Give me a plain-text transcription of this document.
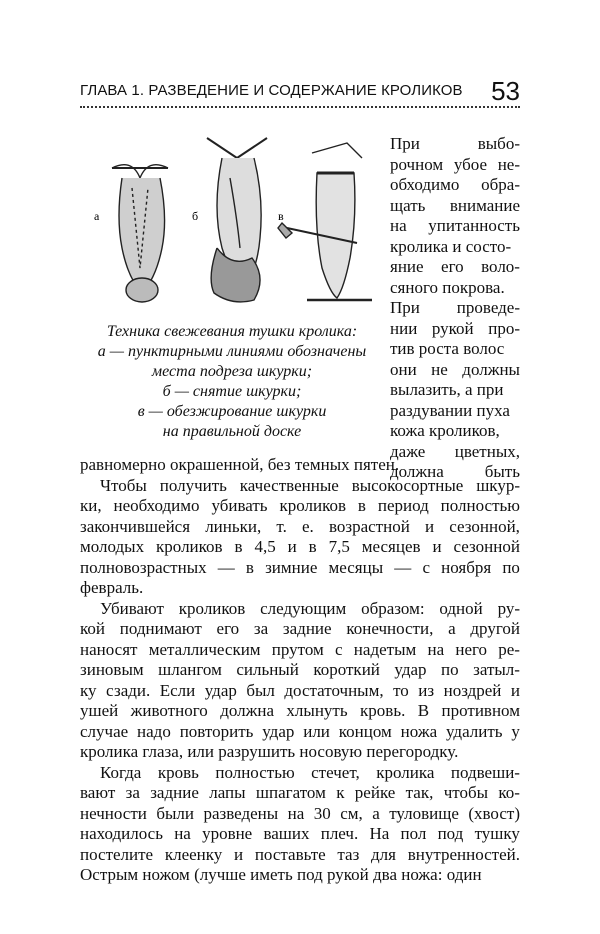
ГЛАВА 1. РАЗВЕДЕНИЕ И СОДЕРЖАНИЕ КРОЛИКОВ 53
а	б	в
Техника свежевания тушки кролика:
а — пунктирными линиями обозначены
места подреза шкурки;
б — снятие шкурки;
в — обезжирование шкурки
на правильной доске
При	выбо-
рочном убое не-
обходимо обра-
щать внимание
на упитанность
кролика и состо-
яние его воло-
сяного покрова.
При проведе-
нии рукой про-
тив роста волос
они не должны
вылазить, а при
раздувании пуха
кожа кроликов,
даже цветных,
должна быть
равномерно окрашенной, без темных пятен.
Чтобы получить качественные высокосортные шкур-
ки, необходимо убивать кроликов в период полностью
закончившейся линьки, т. е. возрастной и сезонной,
молодых кроликов в 4,5 и в 7,5 месяцев и сезонной
полновозрастных — в зимние месяцы — с ноября по
февраль.
Убивают кроликов следующим образом: одной ру-
кой поднимают его за задние конечности, а другой
наносят металлическим прутом с надетым на него ре-
зиновым шлангом сильный короткий удар по затыл-
ку сзади. Если удар был достаточным, то из ноздрей и
ушей животного должна хлынуть кровь. В противном
случае надо повторить удар или концом ножа удалить у
кролика глаза, или разрушить носовую перегородку.
Когда кровь полностью стечет, кролика подвеши-
вают за задние лапы шпагатом к рейке так, чтобы ко-
нечности были разведены на 30 см, а туловище (хвост)
находилось на уровне ваших плеч. На пол под тушку
постелите клеенку и поставьте таз для внутренностей.
Острым ножом (лучше иметь под рукой два ножа: один
